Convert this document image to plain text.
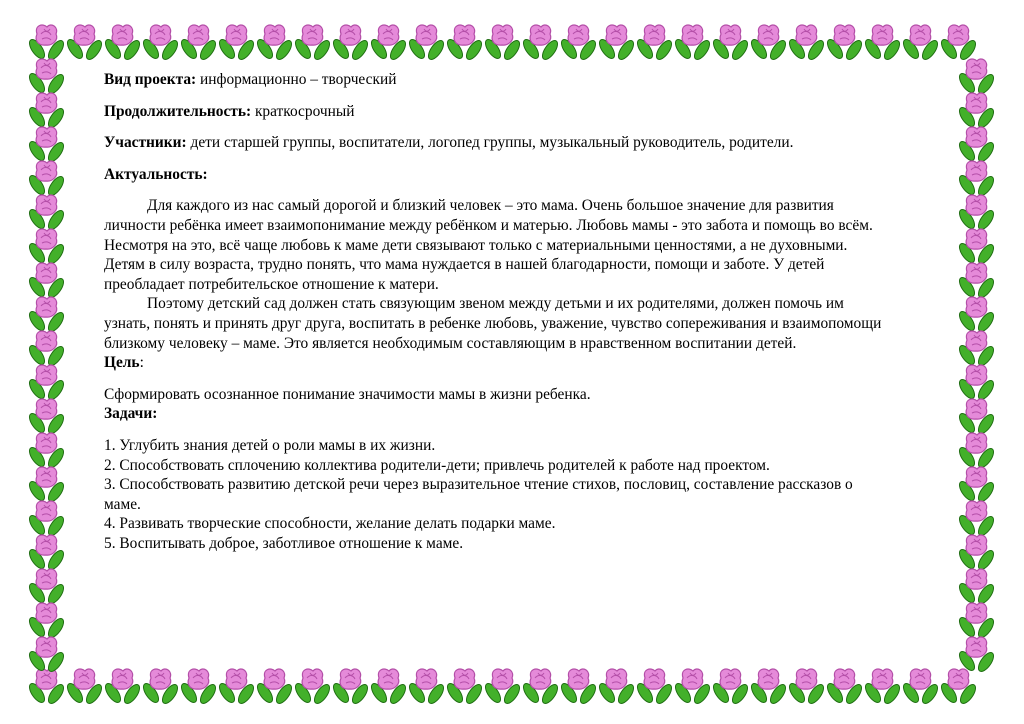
Вид проекта: информационно – творческий

Продолжительность: краткосрочный

Участники: дети старшей группы, воспитатели, логопед группы, музыкальный руководитель, родители.

Актуальность:

Для каждого из нас самый дорогой и близкий человек – это мама. Очень большое значение для развития

личности ребёнка имеет взаимопонимание между ребёнком и матерью. Любовь мамы - это забота и помощь во всём.

Несмотря на это, всё чаще любовь к маме дети связывают только с материальными ценностями, а не духовными.

Детям в силу возраста, трудно понять, что мама нуждается в нашей благодарности, помощи и заботе. У детей

преобладает потребительское отношение к матери.

Поэтому детский сад должен стать связующим звеном между детьми и их родителями, должен помочь им

узнать, понять и принять друг друга, воспитать в ребенке любовь, уважение, чувство сопереживания и взаимопомощи

близкому человеку – маме. Это является необходимым составляющим в нравственном воспитании детей.

Цель:

Сформировать осознанное понимание значимости мамы в жизни ребенка.

Задачи:

1. Углубить знания детей о роли мамы в их жизни.

2. Способствовать сплочению коллектива родители-дети; привлечь родителей к работе над проектом.

3. Способствовать развитию детской речи через выразительное чтение стихов, пословиц, составление рассказов о

маме.

4. Развивать творческие способности, желание делать подарки маме.

5. Воспитывать доброе, заботливое отношение к маме.
